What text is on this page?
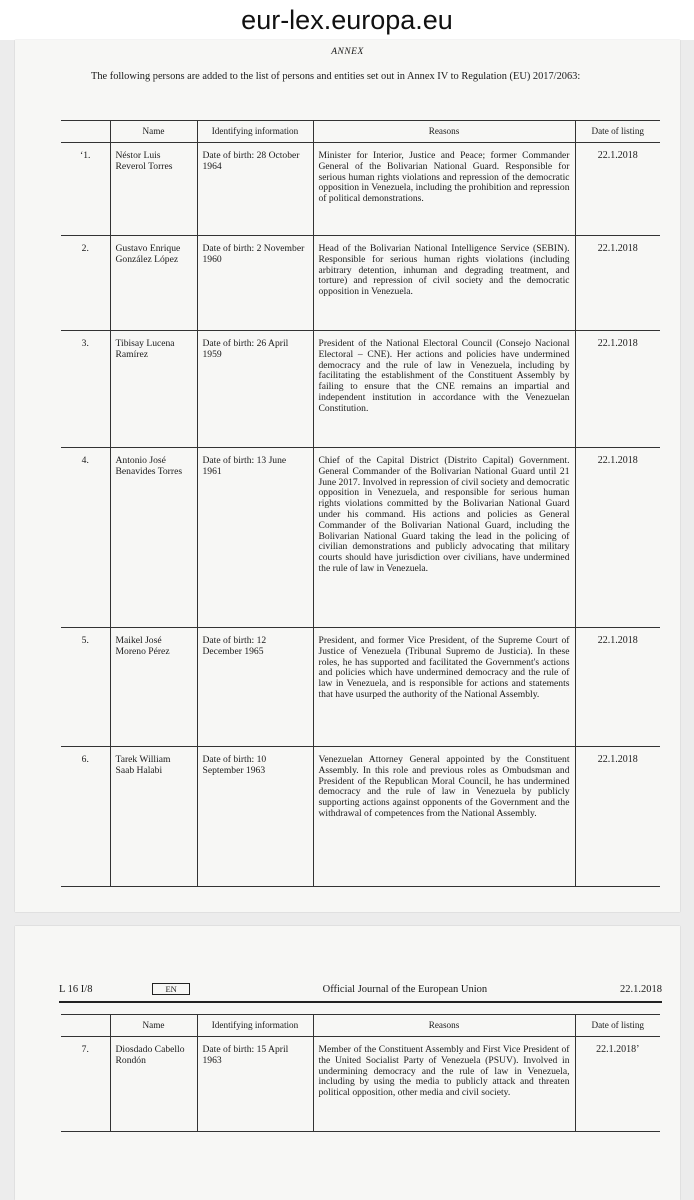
eur-lex.europa.eu
ANNEX
The following persons are added to the list of persons and entities set out in Annex IV to Regulation (EU) 2017/2063:
	Name	Identifying information	Reasons	Date of listing
‘1.	Néstor Luis Reverol Torres	Date of birth: 28 October 1964	Minister for Interior, Justice and Peace; former Commander General of the Bolivarian National Guard. Responsible for serious human rights violations and repression of the democratic opposition in Venezuela, including the prohibition and repression of political demonstrations.	22.1.2018
2.	Gustavo Enrique González López	Date of birth: 2 November 1960	Head of the Bolivarian National Intelligence Service (SEBIN). Responsible for serious human rights violations (including arbitrary detention, inhuman and degrading treatment, and torture) and repression of civil society and the democratic opposition in Venezuela.	22.1.2018
3.	Tibisay Lucena Ramírez	Date of birth: 26 April 1959	President of the National Electoral Council (Consejo Nacional Electoral – CNE). Her actions and policies have undermined democracy and the rule of law in Venezuela, including by facilitating the establishment of the Constituent Assembly by failing to ensure that the CNE remains an impartial and independent institution in accordance with the Venezuelan Constitution.	22.1.2018
4.	Antonio José Benavides Torres	Date of birth: 13 June 1961	Chief of the Capital District (Distrito Capital) Government. General Commander of the Bolivarian National Guard until 21 June 2017. Involved in repression of civil society and democratic opposition in Venezuela, and responsible for serious human rights violations committed by the Bolivarian National Guard under his command. His actions and policies as General Commander of the Bolivarian National Guard, including the Bolivarian National Guard taking the lead in the policing of civilian demonstrations and publicly advocating that military courts should have jurisdiction over civilians, have undermined the rule of law in Venezuela.	22.1.2018
5.	Maikel José Moreno Pérez	Date of birth: 12 December 1965	President, and former Vice President, of the Supreme Court of Justice of Venezuela (Tribunal Supremo de Justicia). In these roles, he has supported and facilitated the Government's actions and policies which have undermined democracy and the rule of law in Venezuela, and is responsible for actions and statements that have usurped the authority of the National Assembly.	22.1.2018
6.	Tarek William Saab Halabi	Date of birth: 10 September 1963	Venezuelan Attorney General appointed by the Constituent Assembly. In this role and previous roles as Ombudsman and President of the Republican Moral Council, he has undermined democracy and the rule of law in Venezuela by publicly supporting actions against opponents of the Government and the withdrawal of competences from the National Assembly.	22.1.2018
L 16 I/8	EN	Official Journal of the European Union	22.1.2018
	Name	Identifying information	Reasons	Date of listing
7.	Diosdado Cabello Rondón	Date of birth: 15 April 1963	Member of the Constituent Assembly and First Vice President of the United Socialist Party of Venezuela (PSUV). Involved in undermining democracy and the rule of law in Venezuela, including by using the media to publicly attack and threaten political opposition, other media and civil society.	22.1.2018’
